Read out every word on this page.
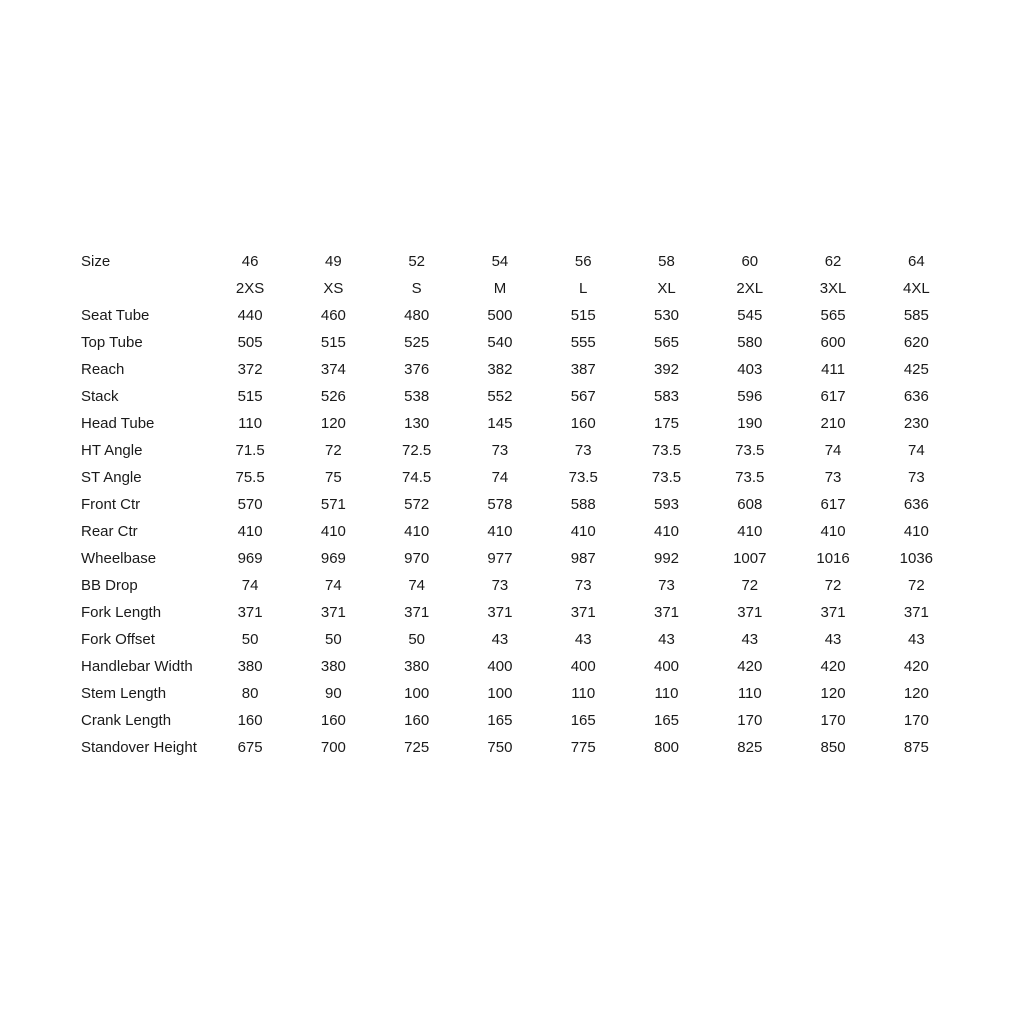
Size	46	49	52	54	56	58	60	62	64
	2XS	XS	S	M	L	XL	2XL	3XL	4XL
Seat Tube	440	460	480	500	515	530	545	565	585
Top Tube	505	515	525	540	555	565	580	600	620
Reach	372	374	376	382	387	392	403	411	425
Stack	515	526	538	552	567	583	596	617	636
Head Tube	110	120	130	145	160	175	190	210	230
HT Angle	71.5	72	72.5	73	73	73.5	73.5	74	74
ST Angle	75.5	75	74.5	74	73.5	73.5	73.5	73	73
Front Ctr	570	571	572	578	588	593	608	617	636
Rear Ctr	410	410	410	410	410	410	410	410	410
Wheelbase	969	969	970	977	987	992	1007	1016	1036
BB Drop	74	74	74	73	73	73	72	72	72
Fork Length	371	371	371	371	371	371	371	371	371
Fork Offset	50	50	50	43	43	43	43	43	43
Handlebar Width	380	380	380	400	400	400	420	420	420
Stem Length	80	90	100	100	110	110	110	120	120
Crank Length	160	160	160	165	165	165	170	170	170
Standover Height	675	700	725	750	775	800	825	850	875
